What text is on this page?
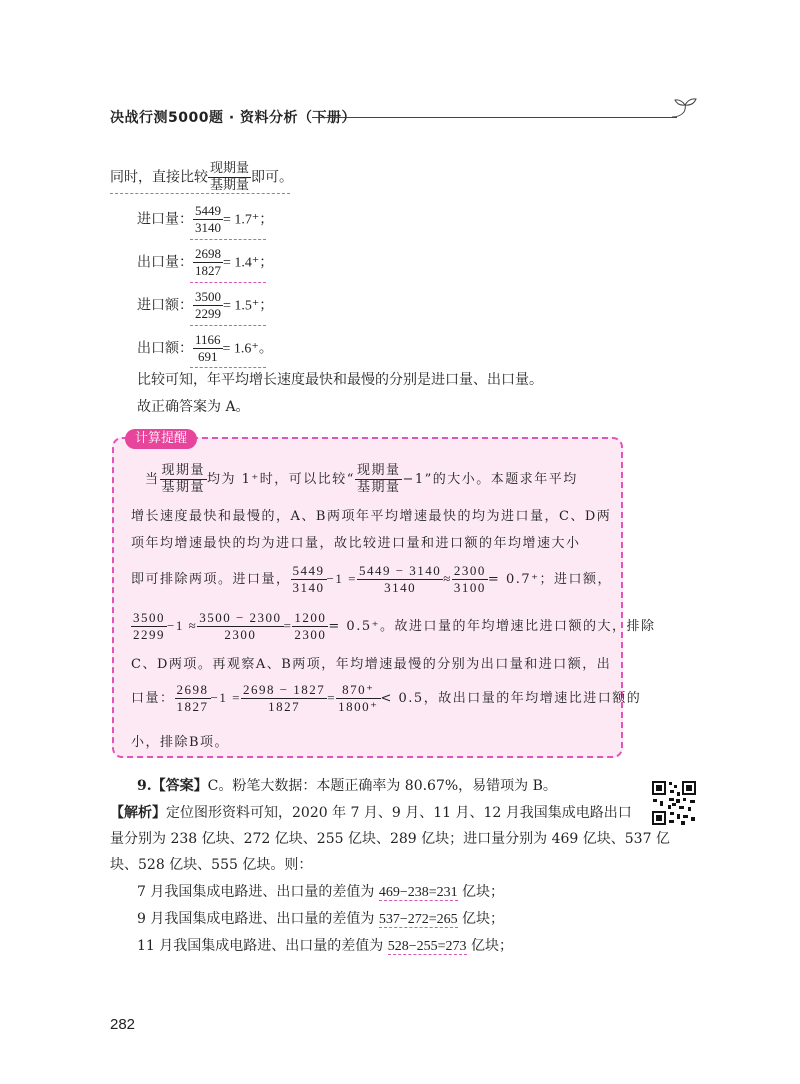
决战行测5000题 · 资料分析（下册）
同时，直接比较 $\frac{\text{现期量}}{\text{基期量}}$ 即可。
进口量： $\frac{5449}{3140} = 1.7^+$；
出口量： $\frac{2698}{1827} = 1.4^+$；
进口额： $\frac{3500}{2299} = 1.5^+$；
出口额： $\frac{1166}{691} = 1.6^+$。
比较可知，年平均增长速度最快和最慢的分别是进口量、出口量。
故正确答案为 A。
计算提醒
当 $\frac{\text{现期量}}{\text{基期量}}$ 均为 1⁺时，可以比较“ $\frac{\text{现期量}}{\text{基期量}} -1$”的大小。本题求年平均
增长速度最快和最慢的，A、B两项年平均增速最快的均为进口量，C、D两
项年均增速最快的均为进口量，故比较进口量和进口额的年均增速大小
即可排除两项。进口量， $\frac{5449}{3140} -1 = \frac{5449 - 3140}{3140} \approx \frac{2300}{3100} = 0.7^+$；进口额，
$\frac{3500}{2299} -1 \approx \frac{3500 - 2300}{2300} = \frac{1200}{2300} = 0.5^+$。故进口量的年均增速比进口额的大，排除
C、D两项。再观察A、B两项，年均增速最慢的分别为出口量和进口额，出
口量： $\frac{2698}{1827} -1 = \frac{2698 - 1827}{1827} = \frac{870^+}{1800^+} < 0.5$，故出口量的年均增速比进口额的
小，排除B项。
9.【答案】C。粉笔大数据：本题正确率为 80.67%，易错项为 B。
【解析】定位图形资料可知，2020 年 7 月、9 月、11 月、12 月我国集成电路出口
量分别为 238 亿块、272 亿块、255 亿块、289 亿块；进口量分别为 469 亿块、537 亿
块、528 亿块、555 亿块。则：
7 月我国集成电路进、出口量的差值为 469−238=231 亿块；
9 月我国集成电路进、出口量的差值为 537−272=265 亿块；
11 月我国集成电路进、出口量的差值为 528−255=273 亿块；
282
